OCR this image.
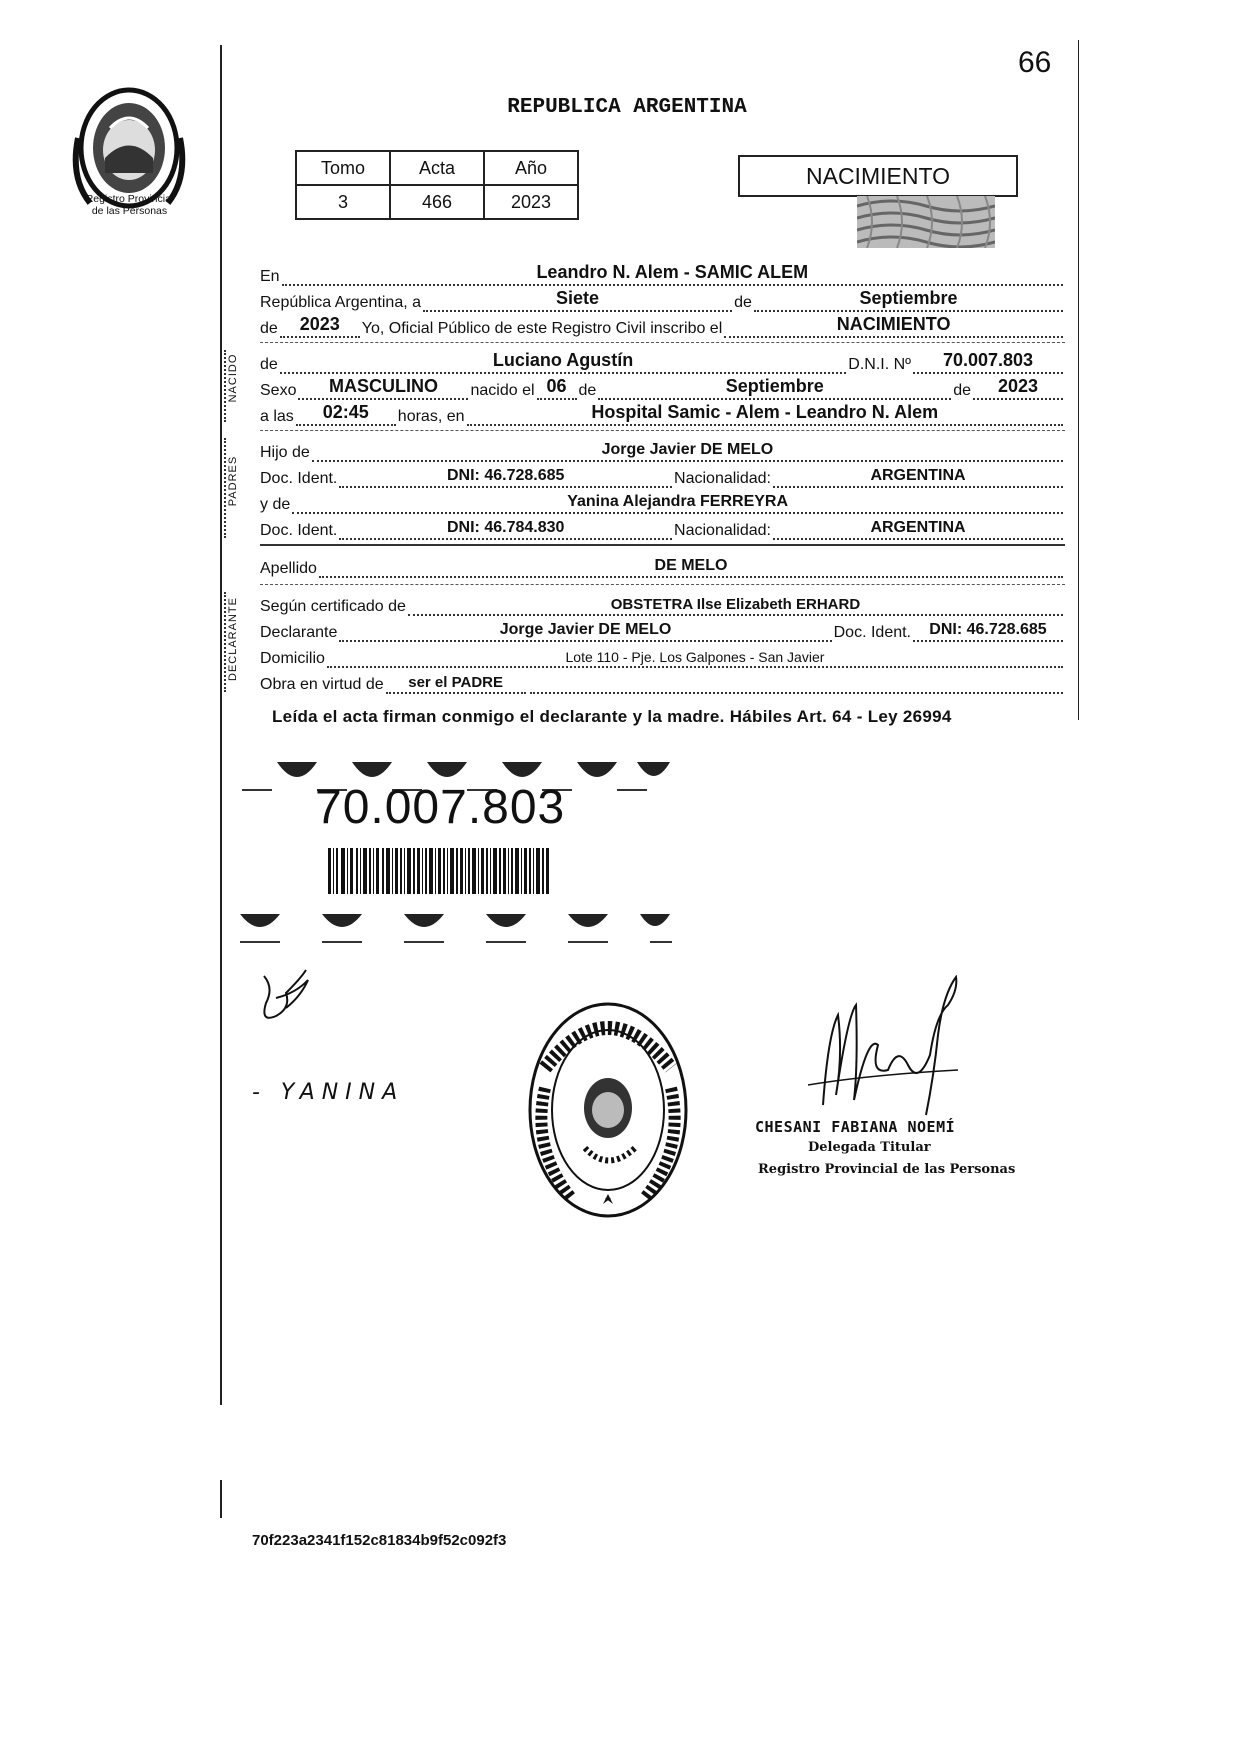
Registro Provincial
de las Personas
66
REPUBLICA ARGENTINA
Tomo	Acta	Año
3	466	2023
NACIMIENTO
En	Leandro N. Alem - SAMIC ALEM
República Argentina, a	Siete	de	Septiembre
de	2023	Yo, Oficial Público de este Registro Civil inscribo el	NACIMIENTO
NACIDO de	Luciano Agustín	D.N.I. Nº	70.007.803
Sexo	MASCULINO	nacido el 06 de	Septiembre	de	2023
a las	02:45	horas, en	Hospital Samic - Alem - Leandro N. Alem
PADRES
Hijo de	Jorge Javier DE MELO
Doc. Ident.	DNI: 46.728.685	Nacionalidad:	ARGENTINA
y de	Yanina Alejandra FERREYRA
Doc. Ident.	DNI: 46.784.830	Nacionalidad:	ARGENTINA
Apellido	DE MELO
DECLARANTE Según certificado de	OBSTETRA Ilse Elizabeth ERHARD
Declarante	Jorge Javier DE MELO	Doc. Ident.	DNI: 46.728.685
Domicilio	Lote 110 - Pje. Los Galpones - San Javier
Obra en virtud de	ser el PADRE
Leída el acta firman conmigo el declarante y la madre. Hábiles Art. 64 - Ley 26994
70.007.803
- YANINA
CHESANI FABIANA NOEMÍ
Delegada Titular
Registro Provincial de las Personas
70f223a2341f152c81834b9f52c092f3
